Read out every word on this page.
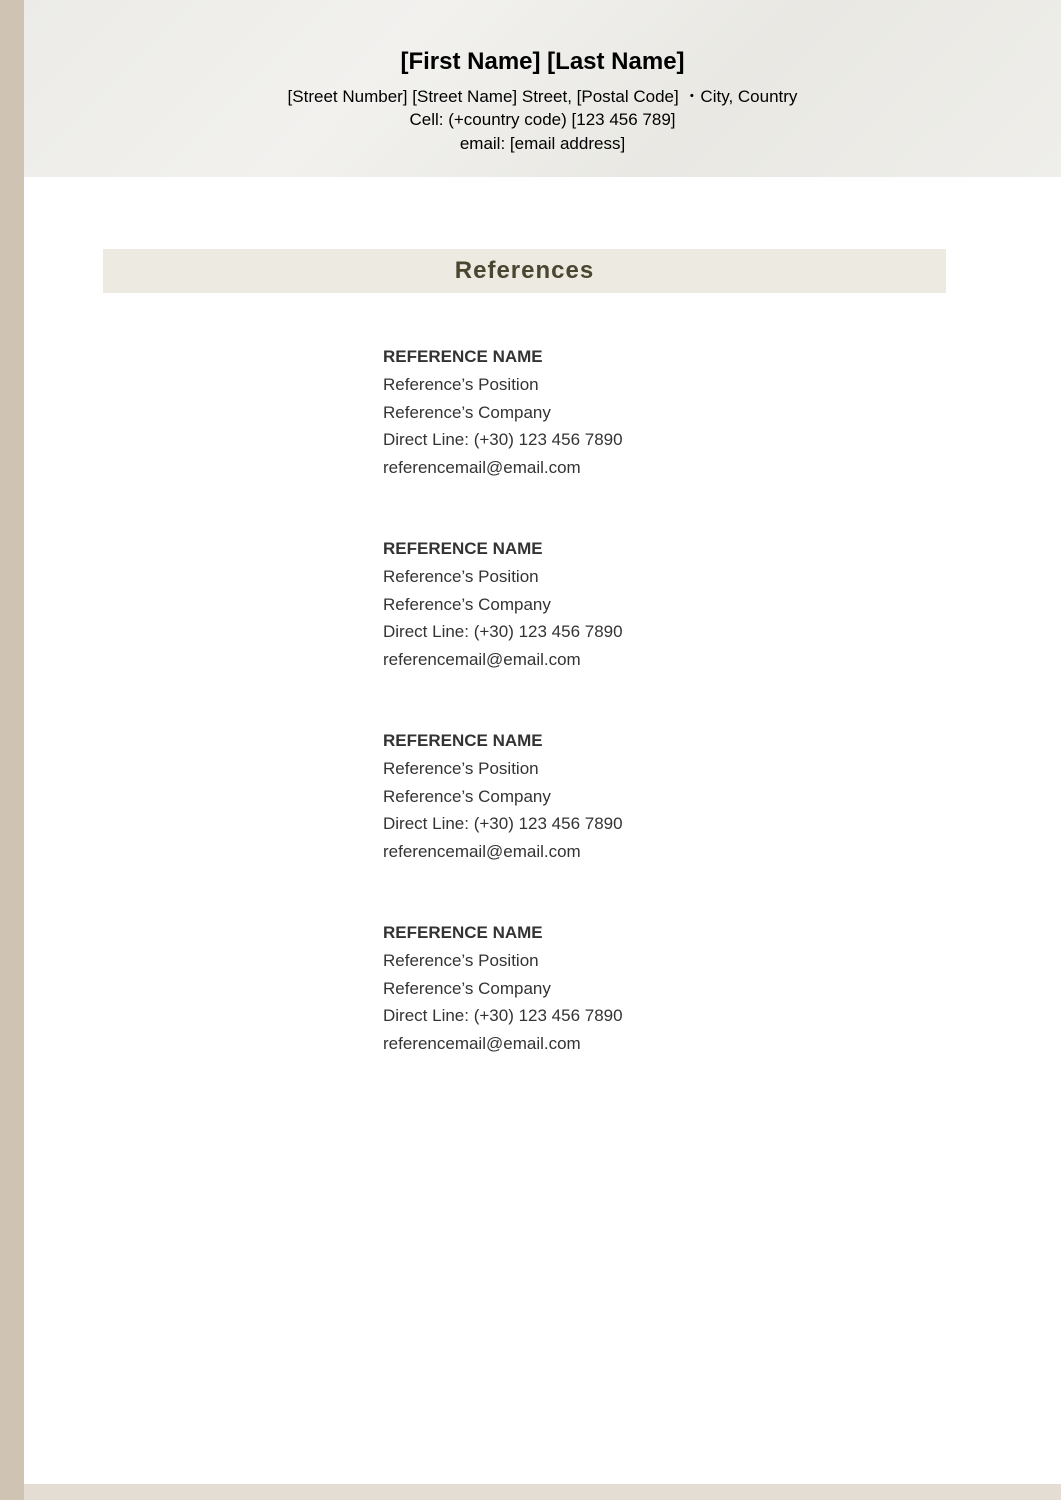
[First Name] [Last Name]
[Street Number] [Street Name] Street, [Postal Code] ・City, Country
Cell: (+country code) [123 456 789]
email: [email address]
References
REFERENCE NAME
Reference’s Position
Reference’s Company
Direct Line: (+30) 123 456 7890
referencemail@email.com
REFERENCE NAME
Reference’s Position
Reference’s Company
Direct Line: (+30) 123 456 7890
referencemail@email.com
REFERENCE NAME
Reference’s Position
Reference’s Company
Direct Line: (+30) 123 456 7890
referencemail@email.com
REFERENCE NAME
Reference’s Position
Reference’s Company
Direct Line: (+30) 123 456 7890
referencemail@email.com
